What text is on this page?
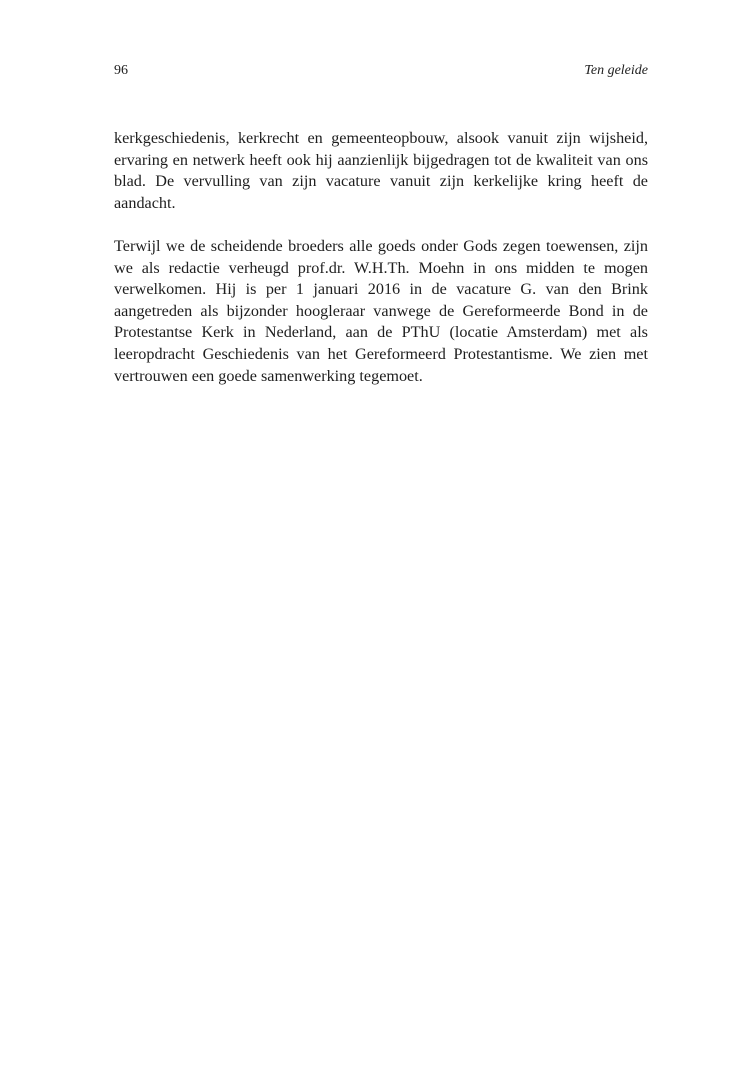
96	Ten geleide

kerkgeschiedenis, kerkrecht en gemeenteopbouw, alsook vanuit zijn wijsheid, ervaring en netwerk heeft ook hij aanzienlijk bijgedragen tot de kwaliteit van ons blad. De vervulling van zijn vacature vanuit zijn kerkelijke kring heeft de aandacht.

Terwijl we de scheidende broeders alle goeds onder Gods zegen toewensen, zijn we als redactie verheugd prof.dr. W.H.Th. Moehn in ons midden te mogen verwelkomen. Hij is per 1 januari 2016 in de vacature G. van den Brink aangetreden als bijzonder hoogleraar vanwege de Gereformeerde Bond in de Protestantse Kerk in Nederland, aan de PThU (locatie Amsterdam) met als leeropdracht Geschiedenis van het Gereformeerd Protestantisme. We zien met vertrouwen een goede samenwerking tegemoet.
